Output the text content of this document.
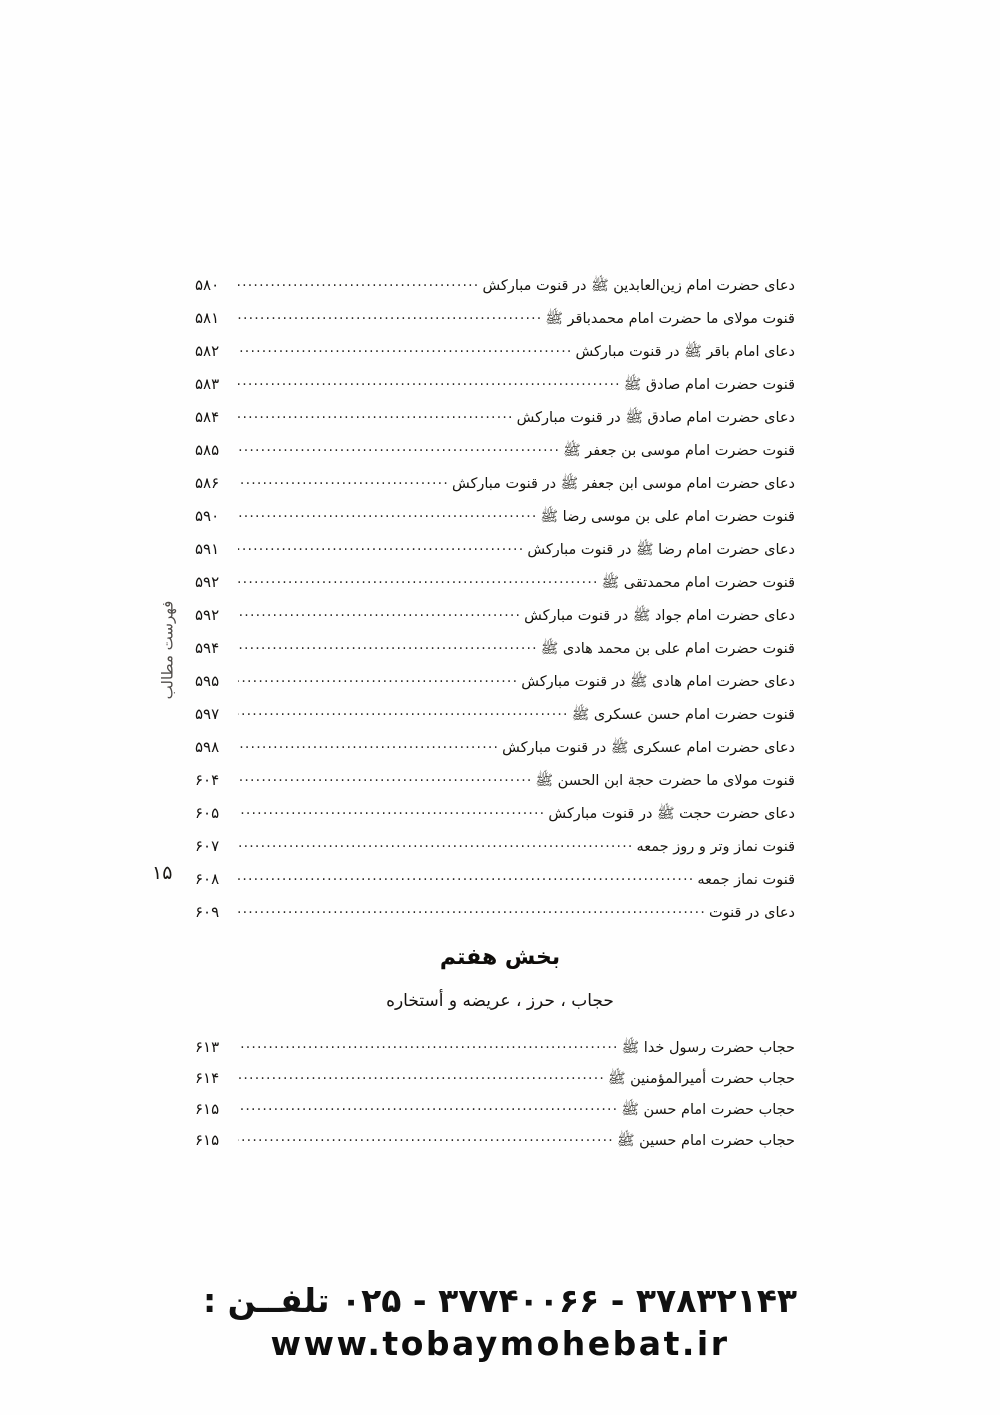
فهرست مطالب
۱۵
دعای حضرت امام زین‌العابدین ﷺ در قنوت مبارکش
.....
۵۸۰
قنوت مولای ما حضرت امام محمدباقر ﷺ
.....
۵۸۱
دعای امام باقر ﷺ در قنوت مبارکش
.....
۵۸۲
قنوت حضرت امام صادق ﷺ
.....
۵۸۳
دعای حضرت امام صادق ﷺ در قنوت مبارکش
.....
۵۸۴
قنوت حضرت امام موسی بن جعفر ﷺ
.....
۵۸۵
دعای حضرت امام موسی ابن جعفر ﷺ در قنوت مبارکش
.....
۵۸۶
قنوت حضرت امام علی بن موسی رضا ﷺ
.....
۵۹۰
دعای حضرت امام رضا ﷺ در قنوت مبارکش
.....
۵۹۱
قنوت حضرت امام محمدتقی ﷺ
.....
۵۹۲
دعای حضرت امام جواد ﷺ در قنوت مبارکش
.....
۵۹۲
قنوت حضرت امام علی بن محمد هادی ﷺ
.....
۵۹۴
دعای حضرت امام هادی ﷺ در قنوت مبارکش
.....
۵۹۵
قنوت حضرت امام حسن عسکری ﷺ
.....
۵۹۷
دعای حضرت امام عسکری ﷺ در قنوت مبارکش
.....
۵۹۸
قنوت مولای ما حضرت حجة ابن الحسن ﷺ
.....
۶۰۴
دعای حضرت حجت ﷺ در قنوت مبارکش
.....
۶۰۵
قنوت نماز وتر و روز جمعه
.....
۶۰۷
قنوت نماز جمعه
.....
۶۰۸
دعای در قنوت
.....
۶۰۹
بخش هفتم
حجاب ، حرز ، عریضه و أستخاره
حجاب حضرت رسول خدا ﷺ
.....
۶۱۳
حجاب حضرت أمیرالمؤمنین ﷺ
.....
۶۱۴
حجاب حضرت امام حسن ﷺ
.....
۶۱۵
حجاب حضرت امام حسین ﷺ
.....
۶۱۵
۰۲۵ - ۳۷۷۴۰۰۶۶ - ۳۷۸۳۲۱۴۳ تلفــن :
www.tobaymohebat.ir
